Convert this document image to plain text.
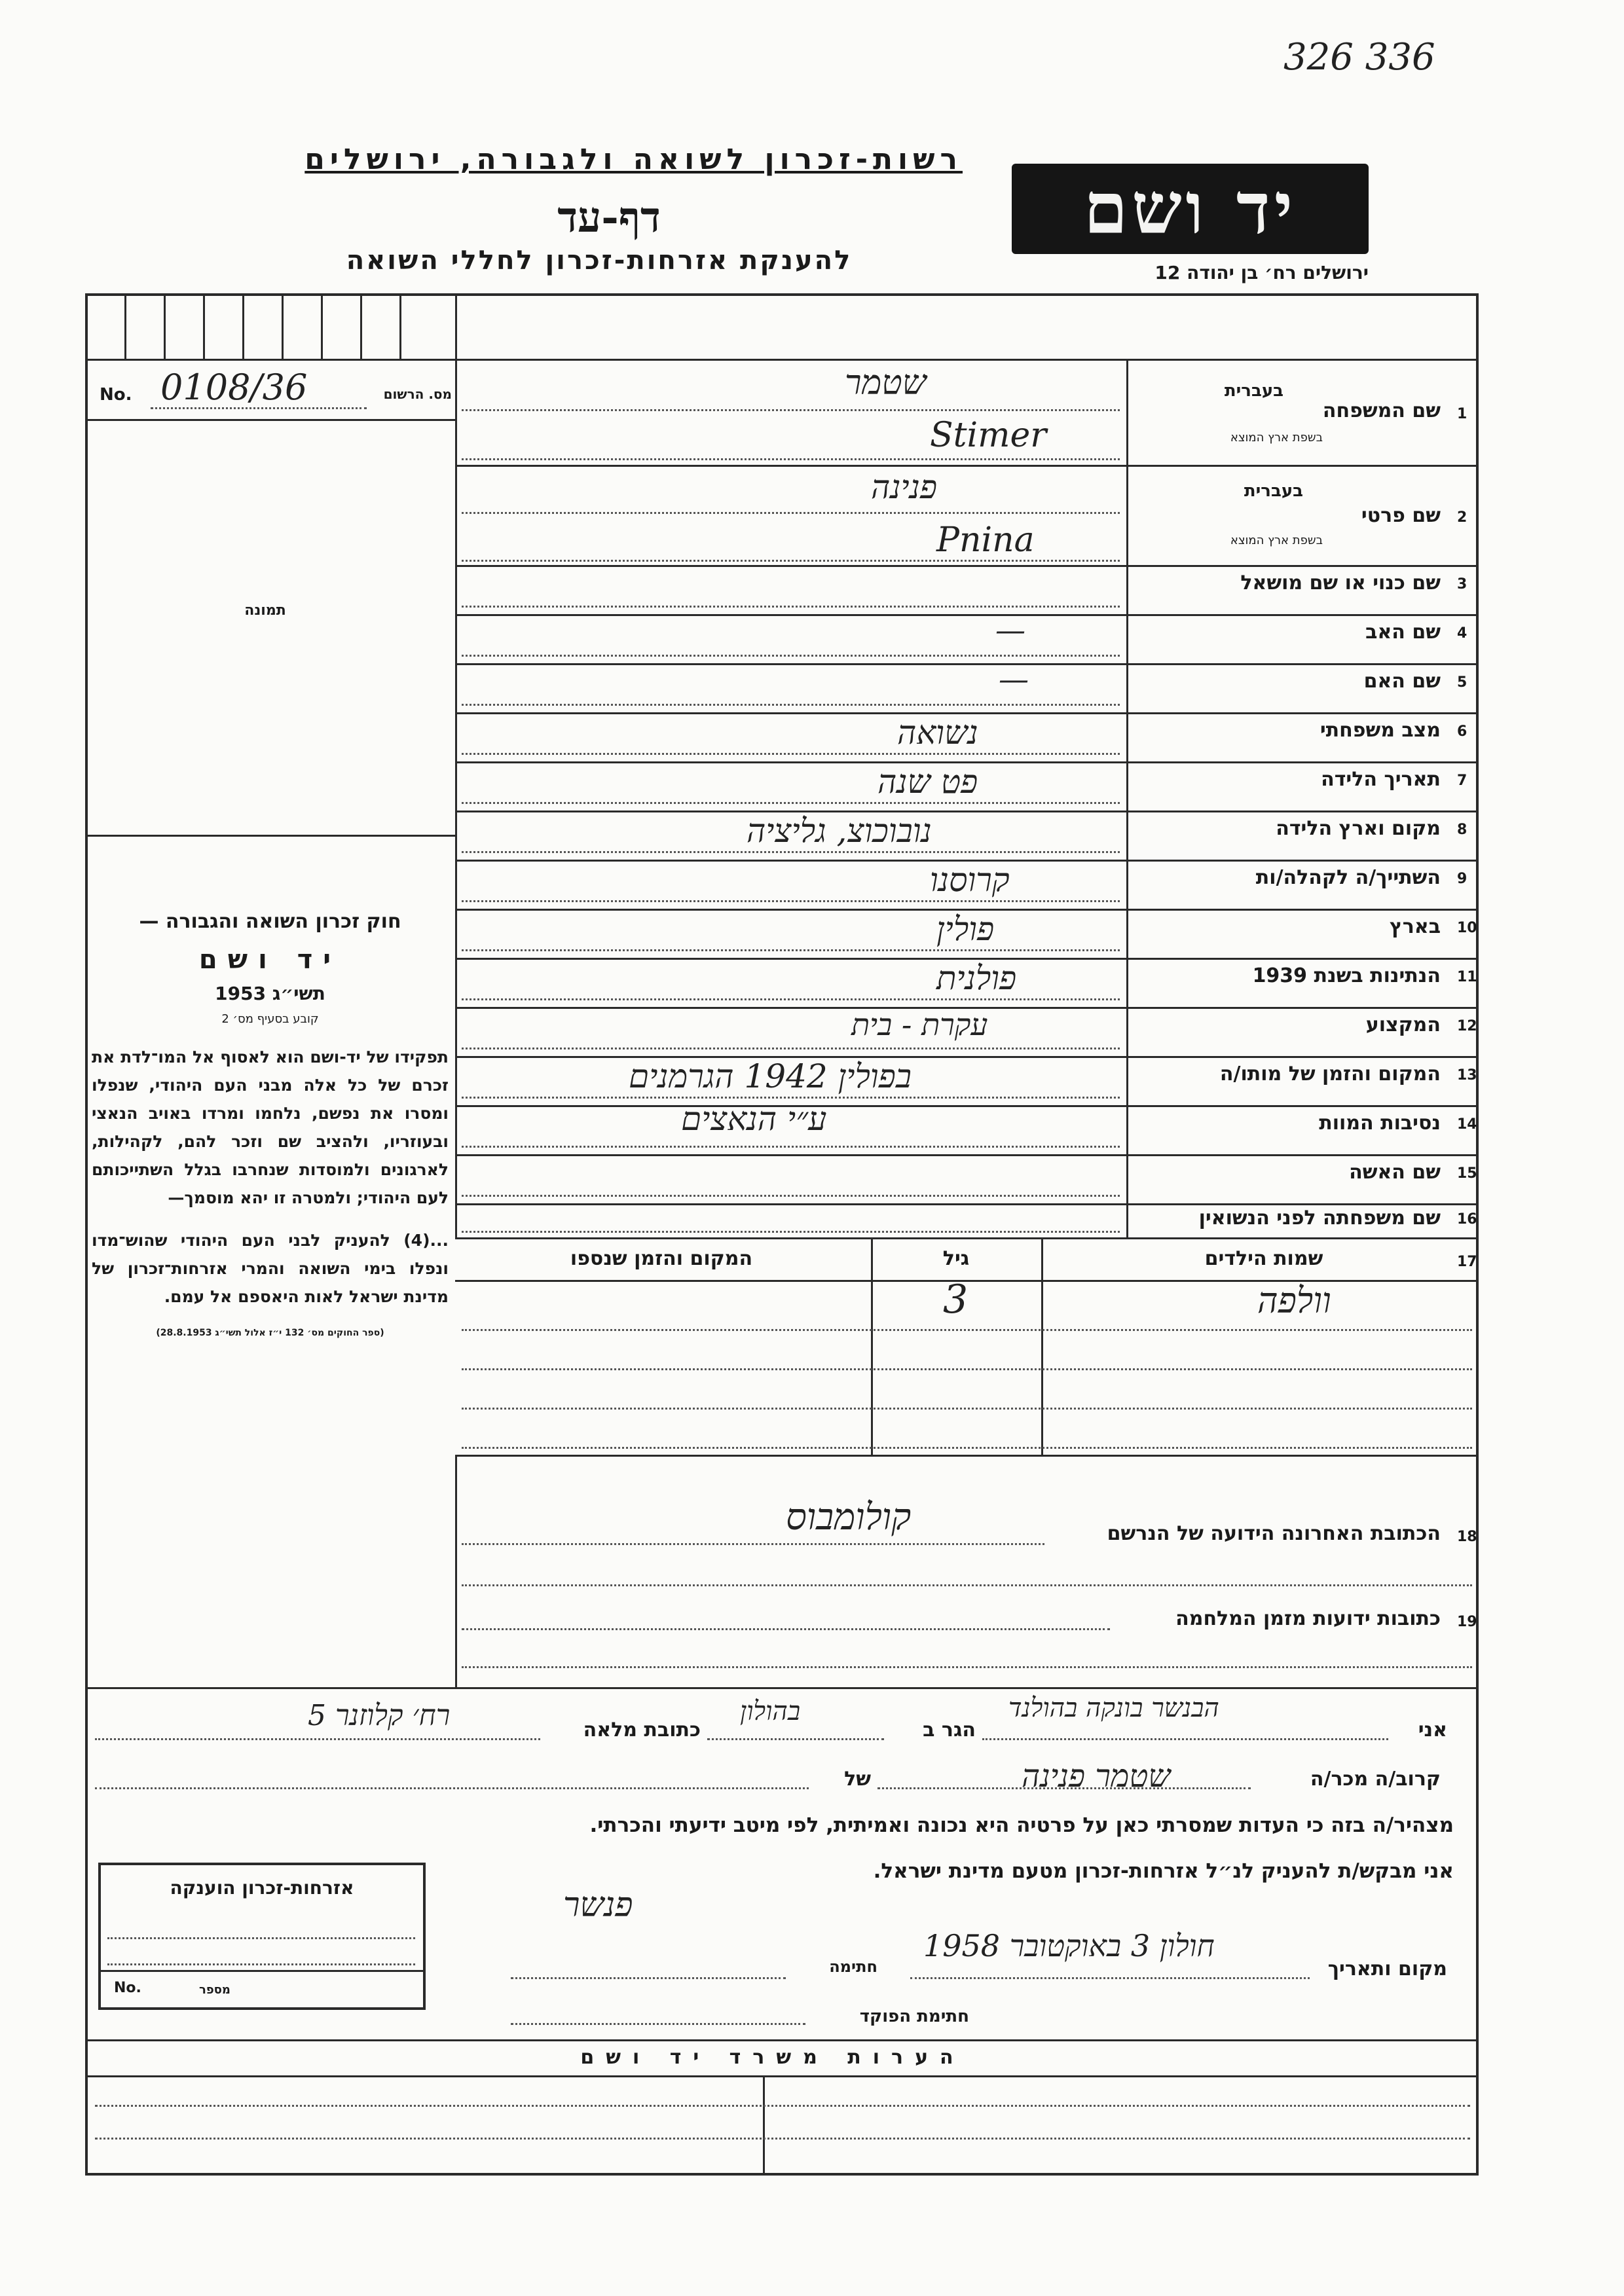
326 336
יד ושם
ירושלים רח׳ בן יהודה 12
רשות-זכרון לשואה ולגבורה, ירושלים
דף-עד
להענקת אזרחות-זכרון לחללי השואה
No. 0108/36	מס. הרשום
תמונה
שם המשפחה
בעברית
בשפת ארץ המוצא
1
שטמר
Stimer
שם פרטי
בעברית
בשפת ארץ המוצא
2
פנינה
Pnina
שם כנוי או שם מושאל 3
שם האב 4
—
שם האם 5
—
מצב משפחתי 6
נשואה
תאריך הלידה 7
פט שנה
מקום וארץ הלידה 8
נובוכוצ, גליציה
השתייך/ה לקהלה/ות 9
קרוסנו
בארץ 10
פולין
הנתינות בשנת 1939 11
פולנית
המקצוע 12
עקרת - בית
המקום והזמן של מותו/ה 13
בפולין 1942 הגרמנים
נסיבות המוות 14
ע״י הנאצים
שם האשה 15
שם משפחתה לפני הנשואין 16
חוק זכרון השואה והגבורה —
יד ושם
תשי״ג 1953
קובע בסעיף מס׳ 2
תפקידו של יד-ושם הוא לאסוף אל המו־לדת את זכרם של כל אלה מבני העם היהודי, שנפלו ומסרו את נפשם, נלחמו ומרדו באויב הנאצי ובעוזריו, ולהציב שם וזכר להם, לקהילות, לארגונים ולמוסדות שנחרבו בגלל השתייכותם לעם היהודי; ולמטרה זו יהא מוסמך—
...(4) להעניק לבני העם היהודי שהוש־מדו ונפלו בימי השואה והמרי אזרחות־זכרון של מדינת ישראל לאות היאספם אל עמם.
(ספר החוקים מס׳ 132 י״ז אלול תשי״ג 28.8.1953)
17
שמות הילדים
גיל
המקום והזמן שנספו
וולפה
3
18
הכתובת האחרונה הידועה של הנרשם
קולומבוס
19
כתובות ידועות מזמן המלחמה
אני
הבנשר בונקה בהולנד
הגר ב
בהולון
כתובת מלאה
רח׳ קלוזנר 5
קרוב/ה מכר/ה
שטמר פנינה
של
מצהיר/ה בזה כי העדות שמסרתי כאן על פרטיה היא נכונה ואמיתית, לפי מיטב ידיעתי והכרתי.
אני מבקש/ת להעניק לנ״ל אזרחות-זכרון מטעם מדינת ישראל.
מקום ותאריך
חולון 3 באוקטובר 1958
חתימה
פנשר
חתימת הפוקד
אזרחות-זכרון הוענקה
No.	מספר
הערות משרד יד ושם
